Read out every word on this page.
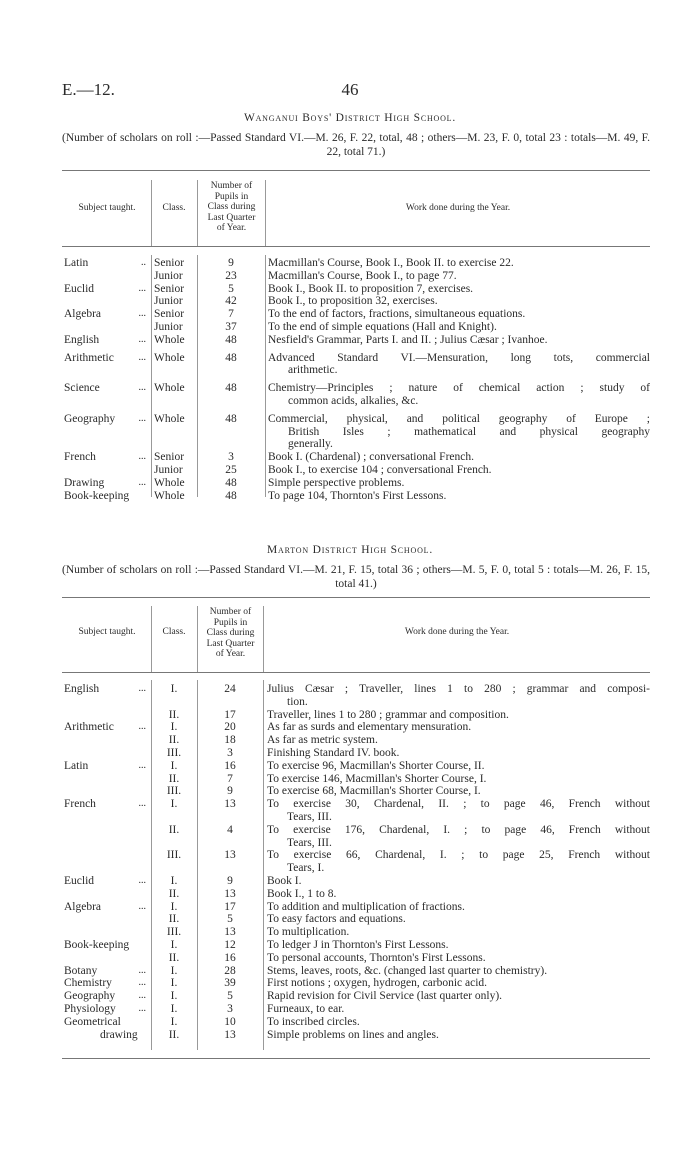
E.—12.	46
Wanganui Boys' District High School.
(Number of scholars on roll :—Passed Standard VI.—M. 26, F. 22, total, 48 ; others—M. 23, F. 0, total 23 : totals—M. 49, F. 22, total 71.)
Subject taught.	Class.
Number of
Pupils in
Class during
Last Quarter
of Year.
Work done during the Year.
Latin	.. Senior	9	Macmillan's Course, Book I., Book II. to exercise 22.
Junior	23	Macmillan's Course, Book I., to page 77.
Euclid	... Senior	5	Book I., Book II. to proposition 7, exercises.
Junior	42	Book I., to proposition 32, exercises.
Algebra	... Senior	7	To the end of factors, fractions, simultaneous equations.
Junior	37	To the end of simple equations (Hall and Knight).
English	... Whole	48	Nesfield's Grammar, Parts I. and II. ; Julius Cæsar ; Ivanhoe.
Arithmetic ... Whole	48	Advanced Standard VI.—Mensuration, long tots, commercial
arithmetic.
Science	... Whole	48	Chemistry—Principles ; nature of chemical action ; study of
common acids, alkalies, &c.
Geography ... Whole	48	Commercial, physical, and political geography of Europe ;
British Isles ; mathematical and physical geography
generally.
French	... Senior	3	Book I. (Chardenal) ; conversational French.
Junior	25	Book I., to exercise 104 ; conversational French.
Drawing	... Whole	48	Simple perspective problems.
Book-keeping	Whole	48	To page 104, Thornton's First Lessons.
Marton District High School.
(Number of scholars on roll :—Passed Standard VI.—M. 21, F. 15, total 36 ; others—M. 5, F. 0, total 5 : totals—M. 26, F. 15, total 41.)
Subject taught.	Class.
Number of
Pupils in
Class during
Last Quarter
of Year.
Work done during the Year.
English	...	I.	24	Julius Cæsar ; Traveller, lines 1 to 280 ; grammar and composi-
tion.
II.	17	Traveller, lines 1 to 280 ; grammar and composition.
Arithmetic ...	I.	20	As far as surds and elementary mensuration.
II.	18	As far as metric system.
III.	3	Finishing Standard IV. book.
Latin	...	I.	16	To exercise 96, Macmillan's Shorter Course, II.
II.	7	To exercise 146, Macmillan's Shorter Course, I.
III.	9	To exercise 68, Macmillan's Shorter Course, I.
French	...	I.	13	To exercise 30, Chardenal, II. ; to page 46, French without
Tears, III.
II.	4	To exercise 176, Chardenal, I. ; to page 46, French without
Tears, III.
III.	13	To exercise 66, Chardenal, I. ; to page 25, French without
Tears, I.
Euclid	...	I.	9	Book I.
II.	13	Book I., 1 to 8.
Algebra	...	I.	17	To addition and multiplication of fractions.
II.	5	To easy factors and equations.
III.	13	To multiplication.
Book-keeping	I.	12	To ledger J in Thornton's First Lessons.
II.	16	To personal accounts, Thornton's First Lessons.
Botany	...	I.	28	Stems, leaves, roots, &c. (changed last quarter to chemistry).
Chemistry	...	I.	39	First notions ; oxygen, hydrogen, carbonic acid.
Geography ...	I.	5	Rapid revision for Civil Service (last quarter only).
Physiology ...	I.	3	Furneaux, to ear.
Geometrical	I.	10	To inscribed circles.
drawing	II.	13	Simple problems on lines and angles.
